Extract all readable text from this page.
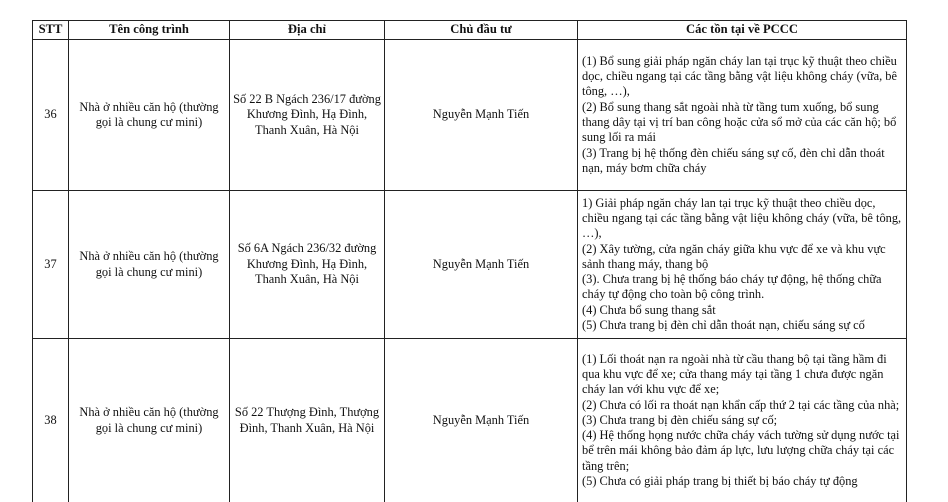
STT	Tên công trình	Địa chỉ	Chủ đầu tư	Các tồn tại về PCCC
36	Nhà ở nhiều căn hộ (thường gọi là chung cư mini)	Số 22 B Ngách 236/17 đường Khương Đình, Hạ Đình, Thanh Xuân, Hà Nội	Nguyễn Mạnh Tiến	(1) Bổ sung giải pháp ngăn cháy lan tại trục kỹ thuật theo chiều dọc, chiều ngang tại các tầng bằng vật liệu không cháy (vữa, bê tông, …),
(2) Bổ sung thang sắt ngoài nhà từ tầng tum xuống, bổ sung thang dây tại vị trí ban công hoặc cửa sổ mở của các căn hộ; bổ sung lối ra mái
(3) Trang bị hệ thống đèn chiếu sáng sự cố, đèn chỉ dẫn thoát nạn, máy bơm chữa cháy

37	Nhà ở nhiều căn hộ (thường gọi là chung cư mini)	Số 6A Ngách 236/32 đường Khương Đình, Hạ Đình, Thanh Xuân, Hà Nội	Nguyễn Mạnh Tiến	1) Giải pháp ngăn cháy lan tại trục kỹ thuật theo chiều dọc, chiều ngang tại các tầng bằng vật liệu không cháy (vữa, bê tông, …),
(2) Xây tường, cửa ngăn cháy giữa khu vực để xe và khu vực sảnh thang máy, thang bộ
(3). Chưa trang bị hệ thống báo cháy tự động, hệ thống chữa cháy tự động cho toàn bộ công trình.
(4) Chưa bổ sung thang sắt
(5) Chưa trang bị đèn chỉ dẫn thoát nạn, chiếu sáng sự cố

38	Nhà ở nhiều căn hộ (thường gọi là chung cư mini)	Số 22 Thượng Đình, Thượng Đình, Thanh Xuân, Hà Nội	Nguyễn Mạnh Tiến	(1) Lối thoát nạn ra ngoài nhà từ cầu thang bộ tại tầng hầm đi qua khu vực để xe; cửa thang máy tại tầng 1 chưa được ngăn cháy lan với khu vực để xe;
(2) Chưa có lối ra thoát nạn khẩn cấp thứ 2 tại các tầng của nhà;
(3) Chưa trang bị đèn chiếu sáng sự cố;
(4) Hệ thống họng nước chữa cháy vách tường sử dụng nước tại bể trên mái không bảo đảm áp lực, lưu lượng chữa cháy tại các tầng trên;
(5) Chưa có giải pháp trang bị thiết bị báo cháy tự động
